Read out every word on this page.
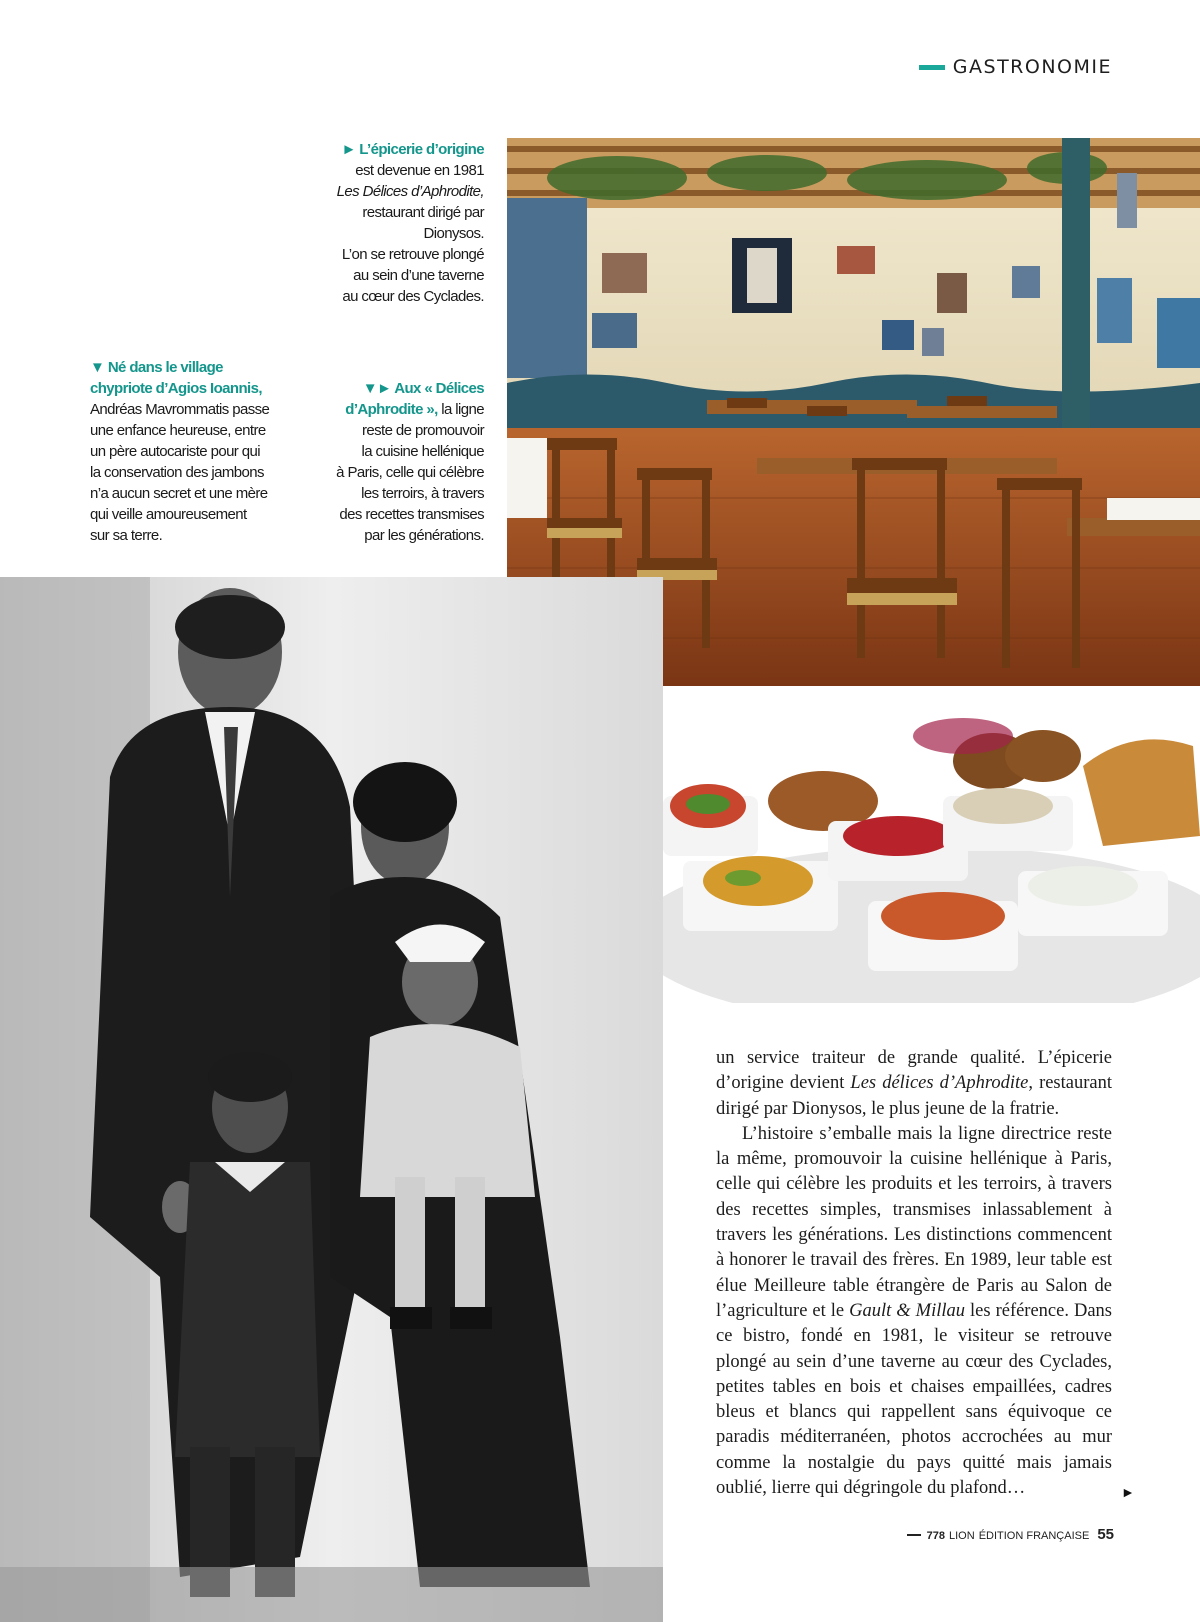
GASTRONOMIE
► L’épicerie d’origine
est devenue en 1981
Les Délices d’Aphrodite,
restaurant dirigé par
Dionysos.
L’on se retrouve plongé
au sein d’une taverne
au cœur des Cyclades.
▼ Né dans le village
chypriote d’Agios Ioannis,
Andréas Mavrommatis passe
une enfance heureuse, entre
un père autocariste pour qui
la conservation des jambons
n’a aucun secret et une mère
qui veille amoureusement
sur sa terre.
▼► Aux « Délices
d’Aphrodite », la ligne
reste de promouvoir
la cuisine hellénique
à Paris, celle qui célèbre
les terroirs, à travers
des recettes transmises
par les générations.

un service traiteur de grande qualité. L’épicerie d’origine devient Les délices d’Aphrodite, restaurant dirigé par Dionysos, le plus jeune de la fratrie.

L’histoire s’emballe mais la ligne directrice reste la même, promouvoir la cuisine hellénique à Paris, celle qui célèbre les produits et les terroirs, à travers des recettes simples, transmises inlassablement à travers les générations. Les distinctions commencent à honorer le travail des frères. En 1989, leur table est élue Meilleure table étrangère de Paris au Salon de l’agriculture et le Gault & Millau les référence. Dans ce bistro, fondé en 1981, le visiteur se retrouve plongé au sein d’une taverne au cœur des Cyclades, petites tables en bois et chaises empaillées, cadres bleus et blancs qui rappellent sans équivoque ce paradis méditerranéen, photos accrochées au mur comme la nostalgie du pays quitté mais jamais oublié, lierre qui dégringole du plafond…	►
778 LION ÉDITION FRANÇAISE 55
